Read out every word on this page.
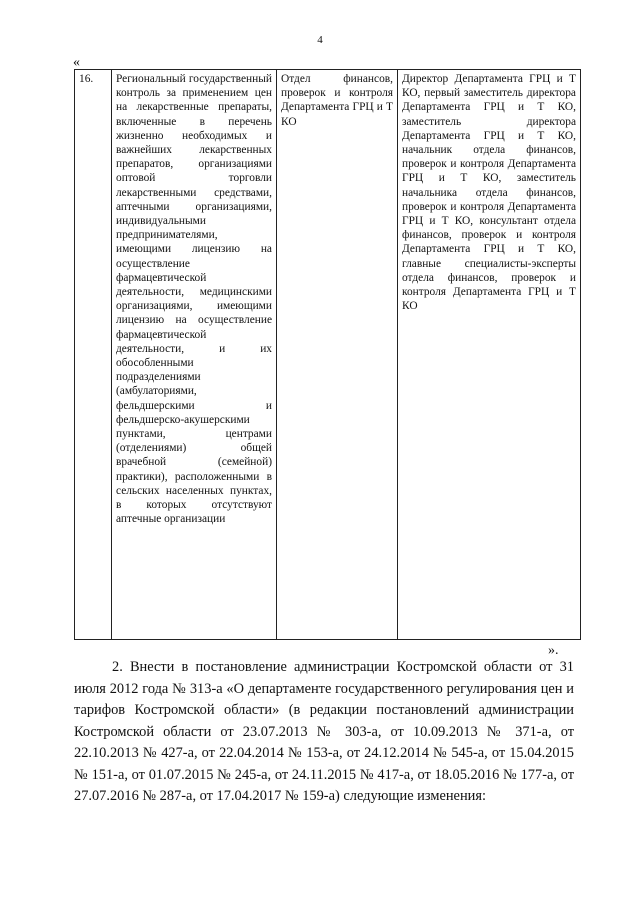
4
«
16.	Региональный государственный контроль за применением цен на лекарственные препараты, включенные в перечень жизненно необходимых и важнейших лекарственных препаратов, организациями оптовой торговли лекарственными средствами, аптечными организациями, индивидуальными предпринимателями, имеющими лицензию на осуществление фармацевтической деятельности, медицинскими организациями, имеющими лицензию на осуществление фармацевтической деятельности, и их обособленными подразделениями (амбулаториями, фельдшерскими и фельдшерско-акушерскими пунктами, центрами (отделениями) общей врачебной (семейной) практики), расположенными в сельских населенных пунктах, в которых отсутствуют аптечные организации	Отдел финансов, проверок и контроля Департамента ГРЦ и Т КО	Директор Департамента ГРЦ и Т КО, первый заместитель директора Департамента ГРЦ и Т КО, заместитель директора Департамента ГРЦ и Т КО, начальник отдела финансов, проверок и контроля Департамента ГРЦ и Т КО, заместитель начальника отдела финансов, проверок и контроля Департамента ГРЦ и Т КО, консультант отдела финансов, проверок и контроля Департамента ГРЦ и Т КО, главные специалисты-эксперты отдела финансов, проверок и контроля Департамента ГРЦ и Т КО
».

2. Внести в постановление администрации Костромской области от 31 июля 2012 года № 313-а «О департаменте государственного регулирования цен и тарифов Костромской области» (в редакции постановлений администрации Костромской области от 23.07.2013 № 303-а, от 10.09.2013 № 371-а, от 22.10.2013 № 427-а, от 22.04.2014 № 153-а, от 24.12.2014 № 545-а, от 15.04.2015 № 151-а, от 01.07.2015 № 245-а, от 24.11.2015 № 417-а, от 18.05.2016 № 177-а, от 27.07.2016 № 287-а, от 17.04.2017 № 159-а) следующие изменения:
